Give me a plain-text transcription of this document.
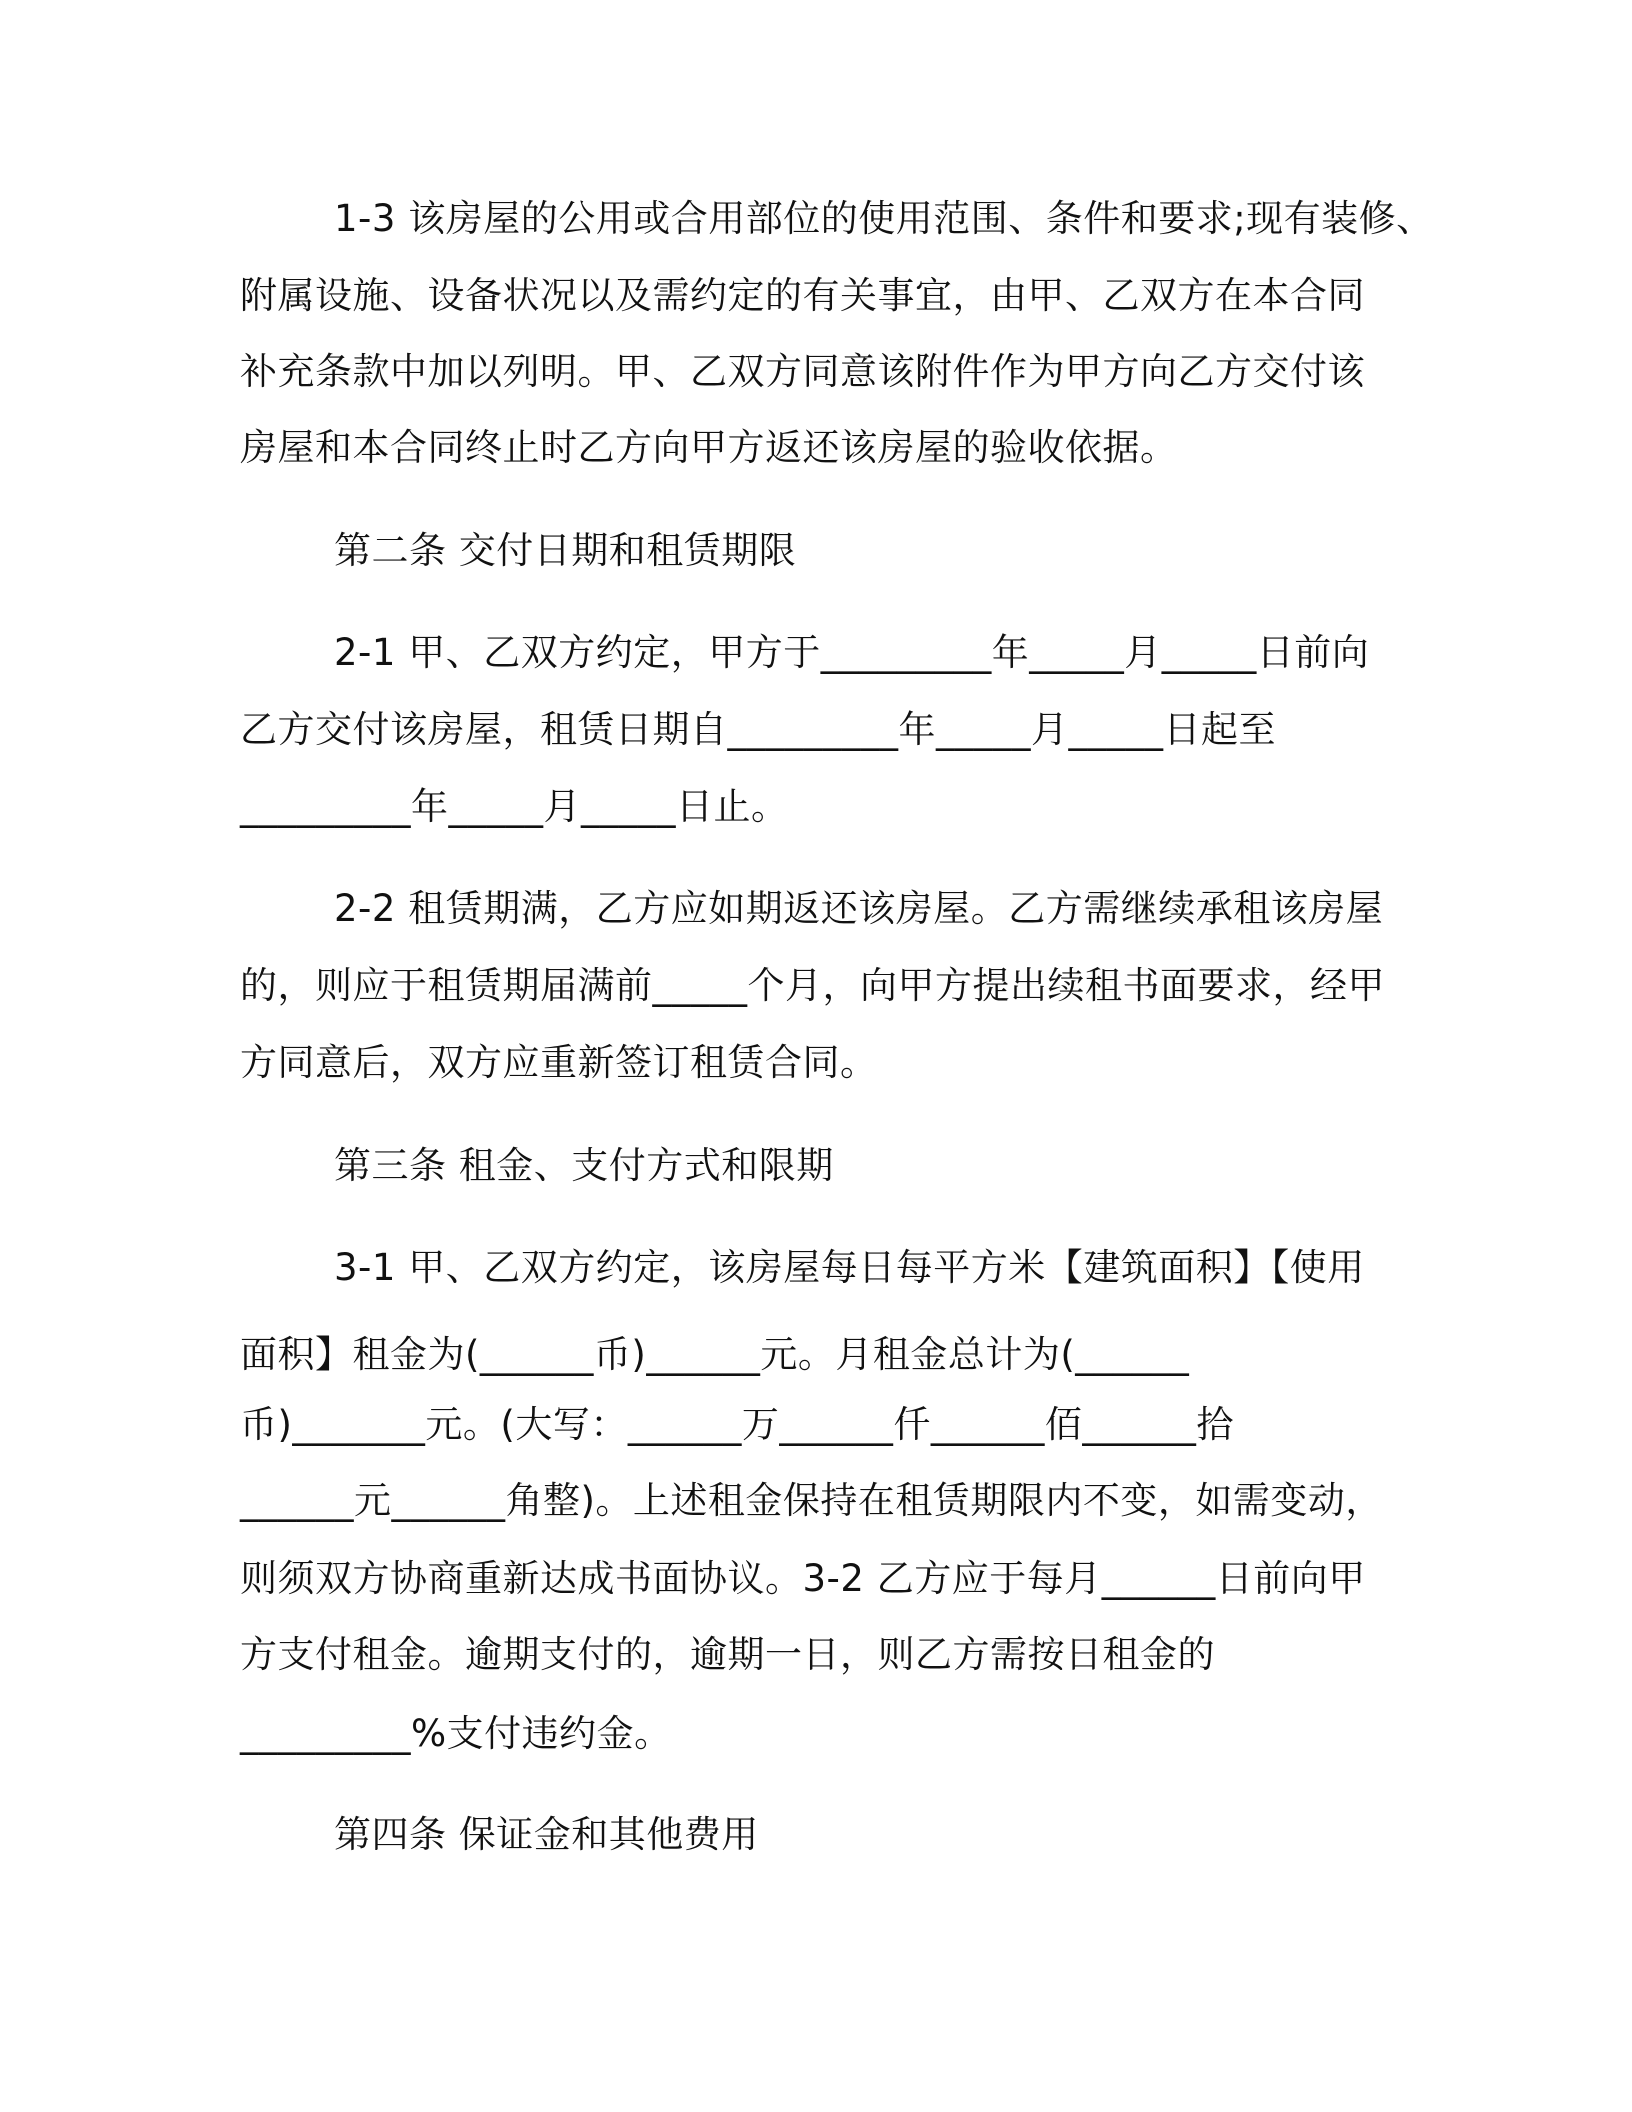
1-3 该房屋的公用或合用部位的使用范围、条件和要求;现有装修、
附属设施、设备状况以及需约定的有关事宜，由甲、乙双方在本合同
补充条款中加以列明。甲、乙双方同意该附件作为甲方向乙方交付该
房屋和本合同终止时乙方向甲方返还该房屋的验收依据。
第二条 交付日期和租赁期限
2-1 甲、乙双方约定，甲方于_________年_____月_____日前向
乙方交付该房屋，租赁日期自_________年_____月_____日起至
_________年_____月_____日止。
2-2 租赁期满，乙方应如期返还该房屋。乙方需继续承租该房屋
的，则应于租赁期届满前_____个月，向甲方提出续租书面要求，经甲
方同意后，双方应重新签订租赁合同。
第三条 租金、支付方式和限期
3-1 甲、乙双方约定，该房屋每日每平方米【建筑面积】【使用
面积】租金为(______币)______元。月租金总计为(______
币)_______元。(大写：______万______仟______佰______拾
______元______角整)。上述租金保持在租赁期限内不变，如需变动，
则须双方协商重新达成书面协议。3-2 乙方应于每月______日前向甲
方支付租金。逾期支付的，逾期一日，则乙方需按日租金的
_________%支付违约金。
第四条 保证金和其他费用
